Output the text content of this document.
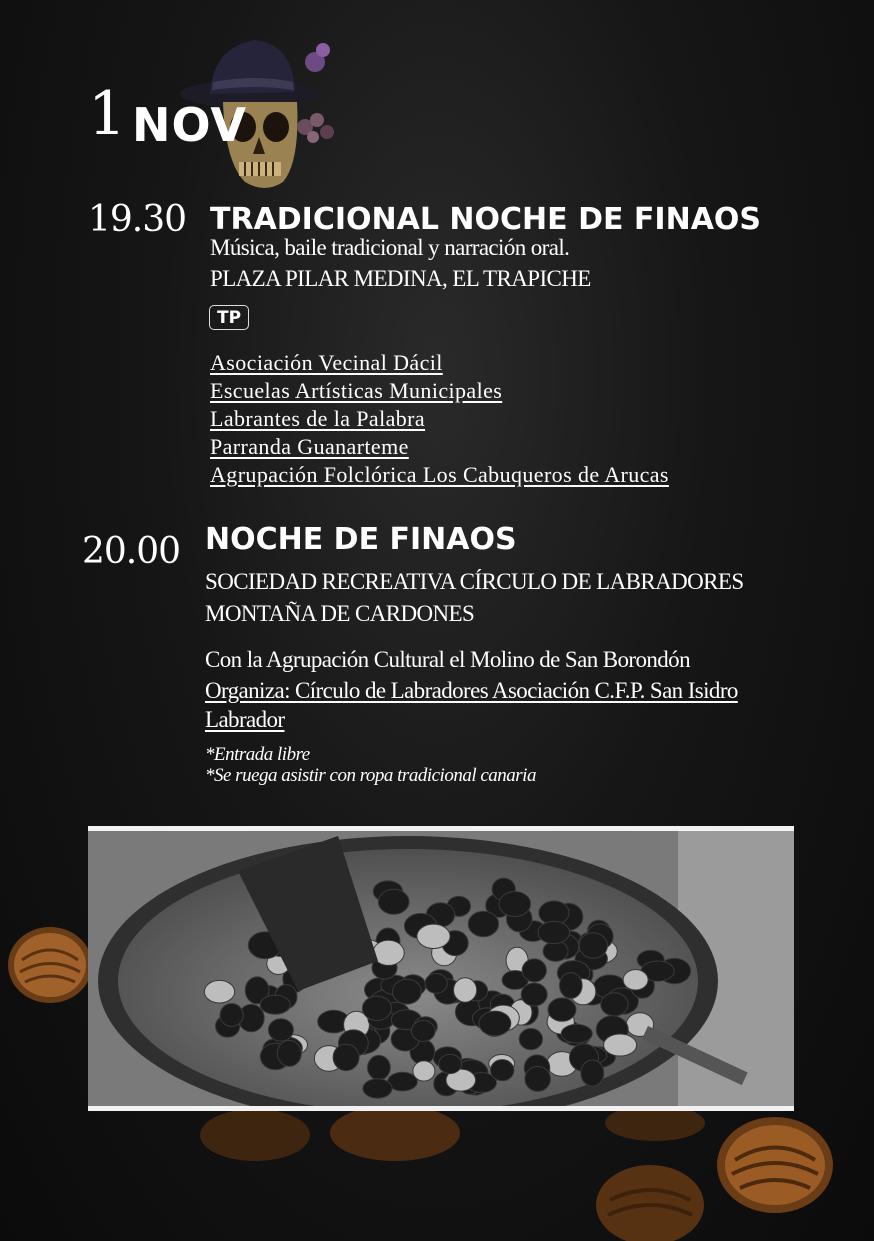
1 NOV
19.30 TRADICIONAL NOCHE DE FINAOS
Música, baile tradicional y narración oral.
PLAZA PILAR MEDINA, EL TRAPICHE
TP
Asociación Vecinal Dácil
Escuelas Artísticas Municipales
Labrantes de la Palabra
Parranda Guanarteme
Agrupación Folclórica Los Cabuqueros de Arucas
20.00 NOCHE DE FINAOS
SOCIEDAD RECREATIVA CÍRCULO DE LABRADORES
MONTAÑA DE CARDONES
Con la Agrupación Cultural el Molino de San Borondón
Organiza: Círculo de Labradores Asociación C.F.P. San Isidro
Labrador
*Entrada libre
*Se ruega asistir con ropa tradicional canaria
